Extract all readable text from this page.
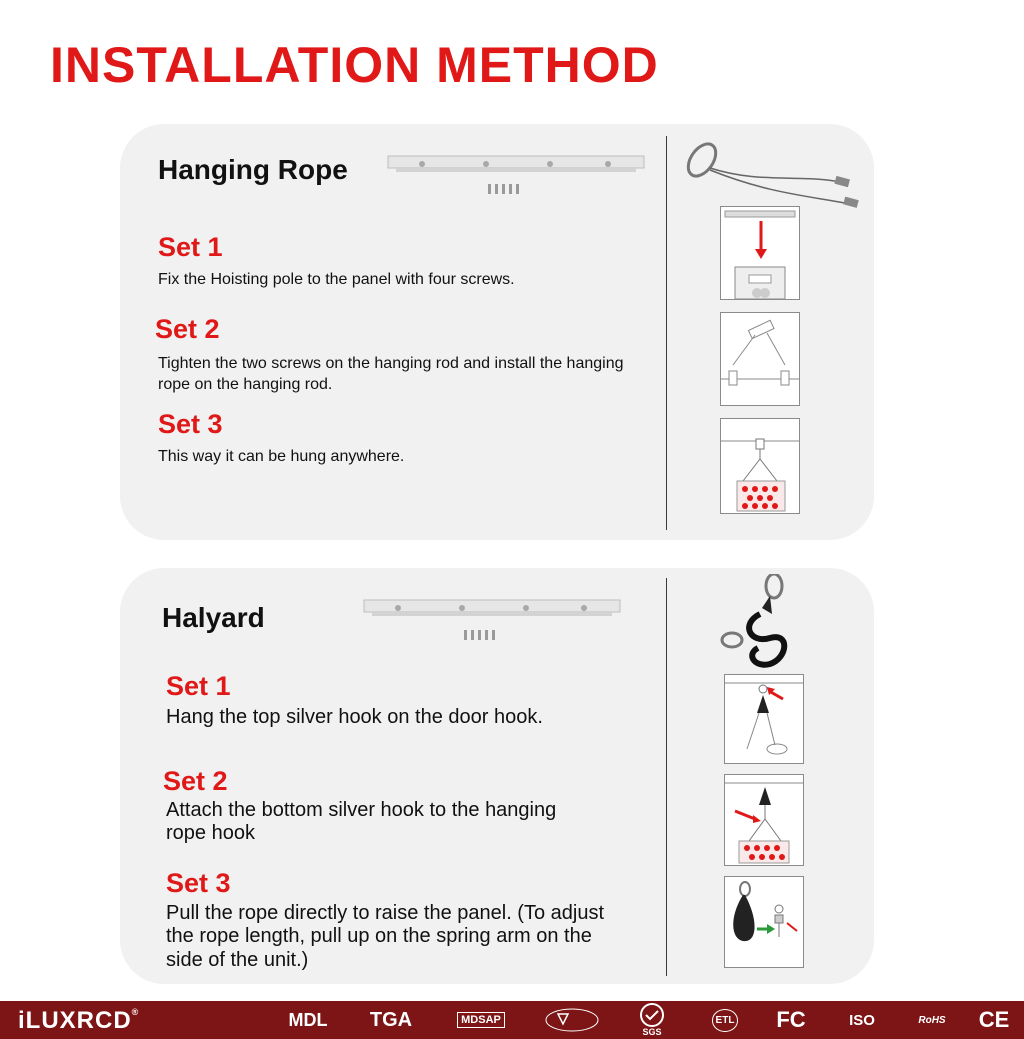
INSTALLATION METHOD
Hanging Rope
Set 1

Fix the Hoisting pole to the panel with four screws.

Set 2

Tighten the two screws on the hanging rod and install the hanging rope on the hanging rod.

Set 3

This way it can be hung anywhere.

Halyard
Set 1

Hang the top silver hook on the door hook.

Set 2

Attach the bottom silver hook to the hanging rope hook

Set 3

Pull the rope directly to raise the panel. (To adjust the rope length, pull up on the spring arm on the side of the unit.)

iLUXRCD®	MDL	TGA	MDSAP
SGS
ETL FC	ISO	RoHS CE
